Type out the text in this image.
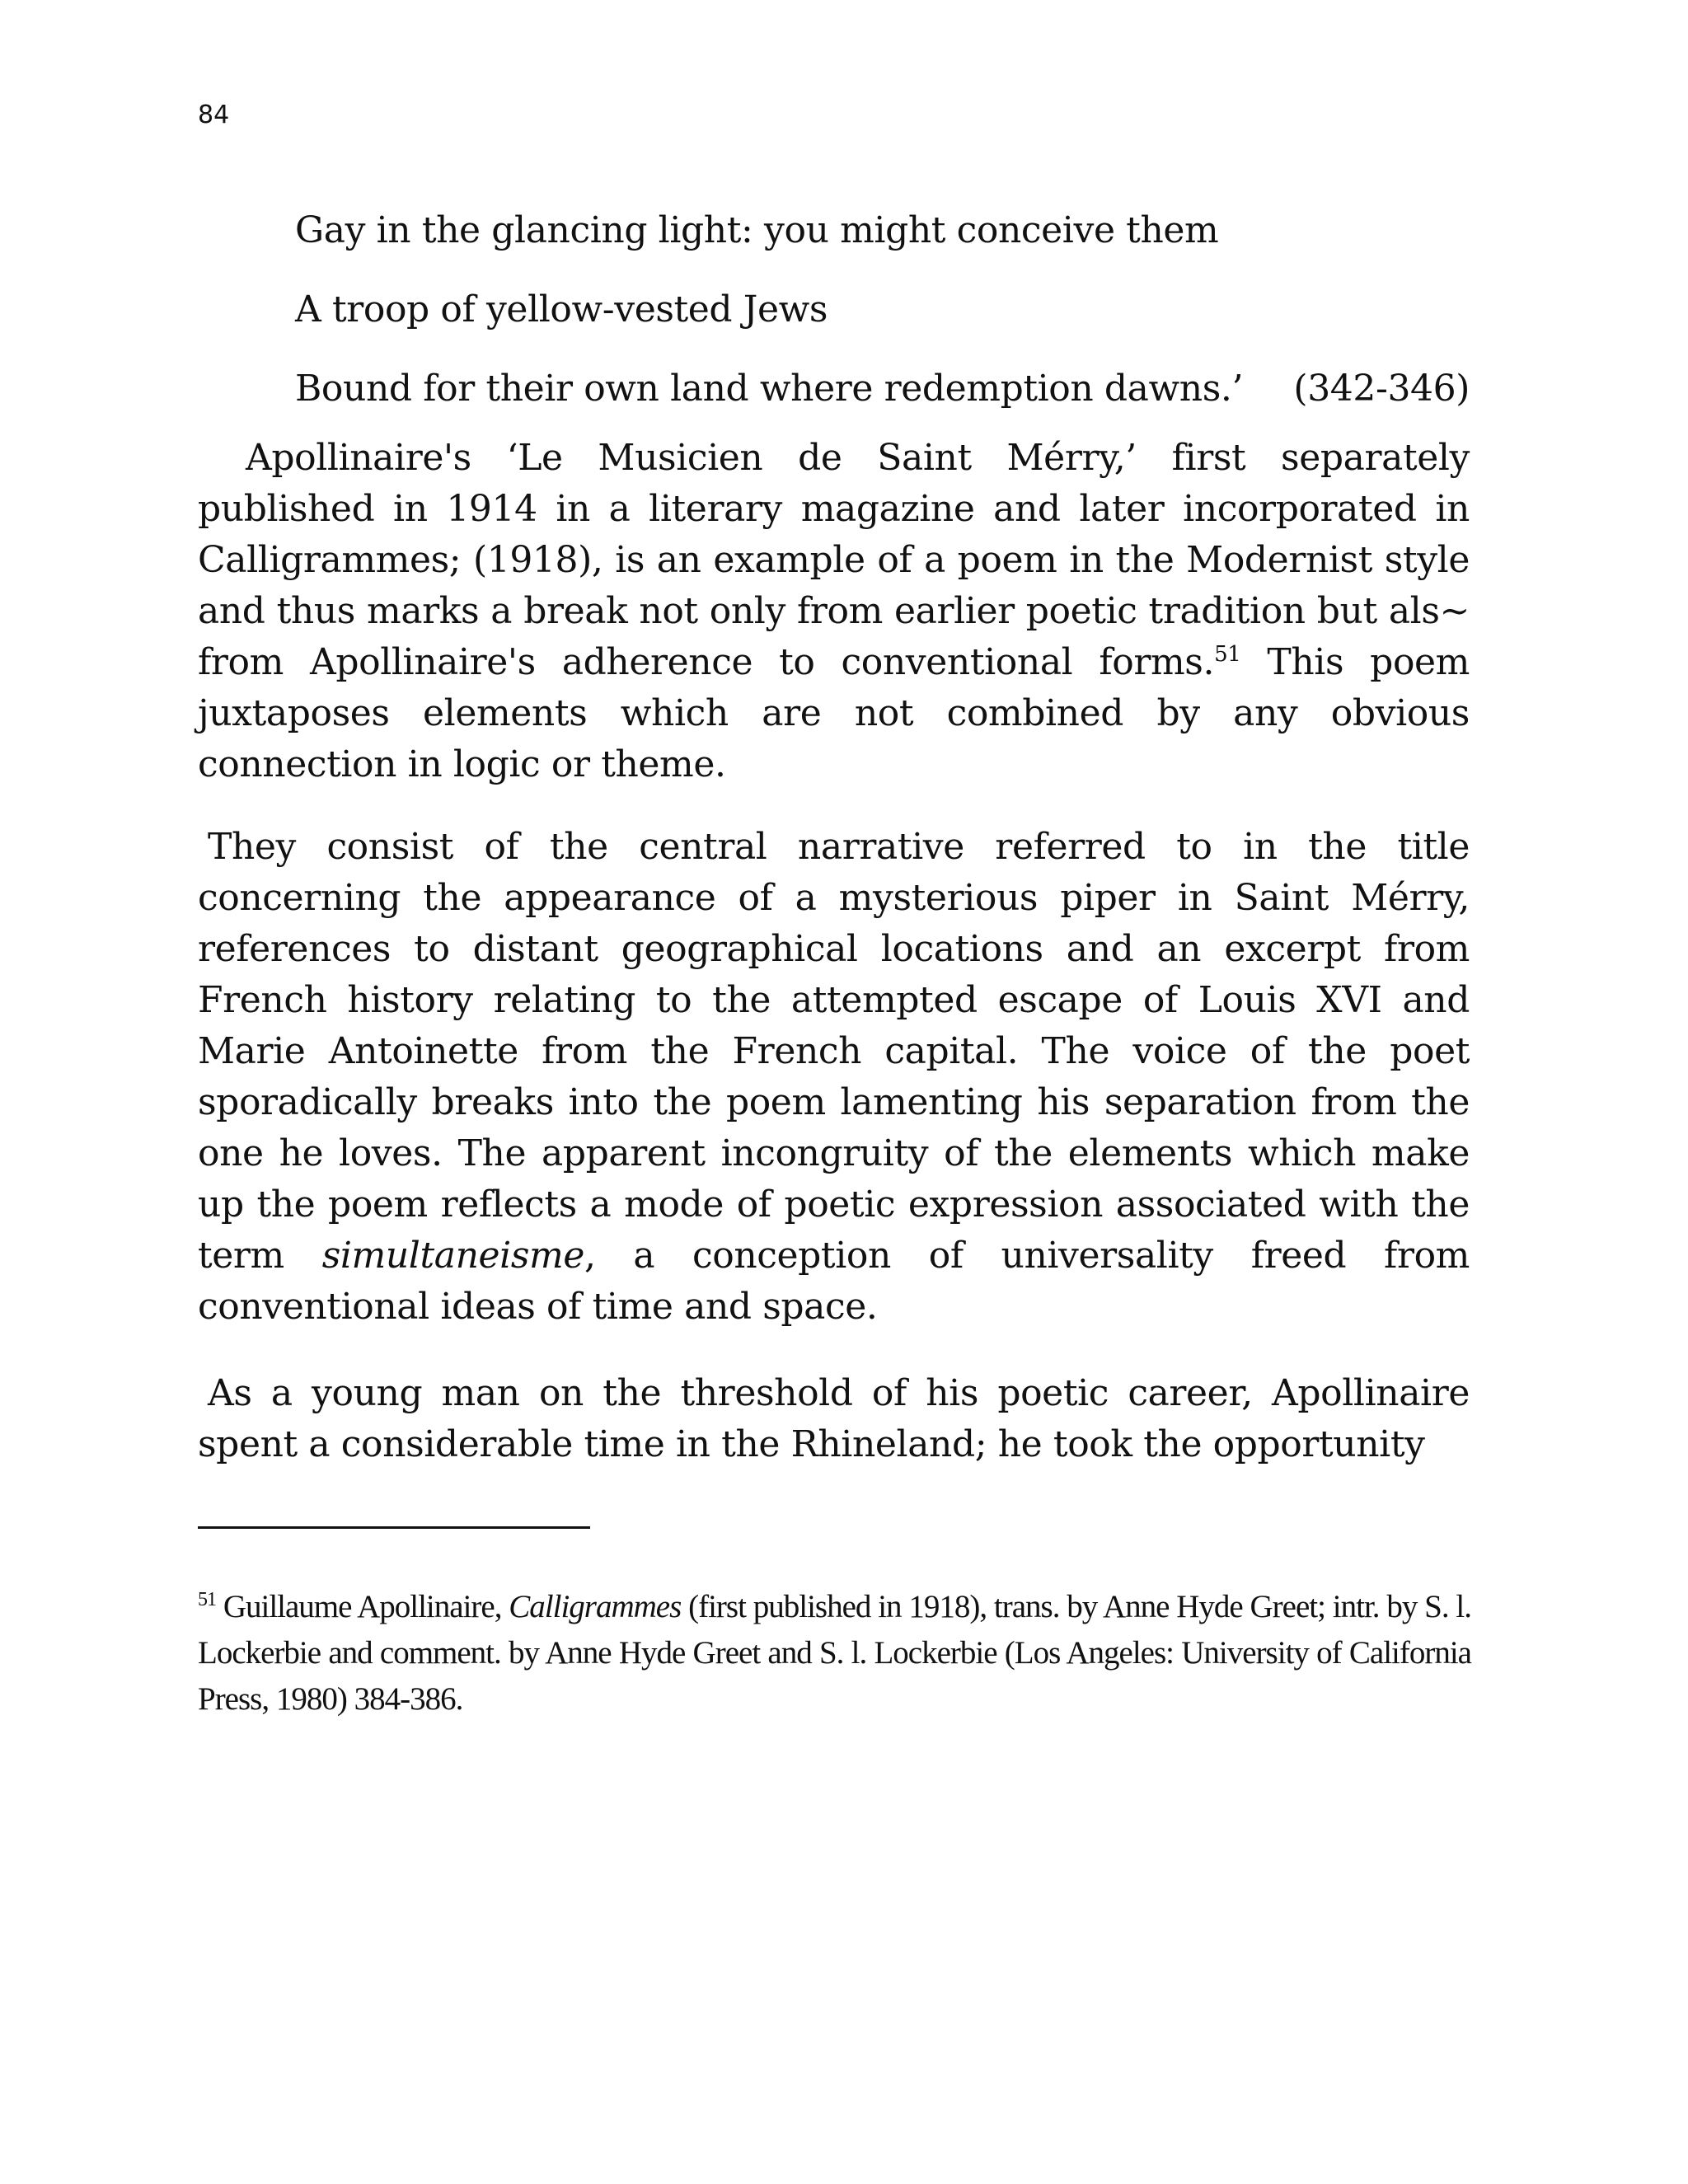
84
Gay in the glancing light: you might conceive them
A troop of yellow-vested Jews
Bound for their own land where redemption dawns.’ (342-346)

Apollinaire's ‘Le Musicien de Saint Mérry,’ first separately published in 1914 in a literary magazine and later incorporated in Calligrammes; (1918), is an example of a poem in the Modernist style and thus marks a break not only from earlier poetic tradition but als~ from Apollinaire's adherence to conventional forms.$^{51}$ This poem juxtaposes elements which are not combined by any obvious connection in logic or theme.

They consist of the central narrative referred to in the title concerning the appearance of a mysterious piper in Saint Mérry, references to distant geographical locations and an excerpt from French history relating to the attempted escape of Louis XVI and Marie Antoinette from the French capital. The voice of the poet sporadically breaks into the poem lamenting his separation from the one he loves. The apparent incongruity of the elements which make up the poem reflects a mode of poetic expression associated with the term simultaneisme, a conception of universality freed from conventional ideas of time and space.

As a young man on the threshold of his poetic career, Apollinaire spent a considerable time in the Rhineland; he took the opportunity

$^{51}$ Guillaume Apollinaire, Calligrammes (first published in 1918), trans. by Anne Hyde Greet; intr. by S. l. Lockerbie and comment. by Anne Hyde Greet and S. l. Lockerbie (Los Angeles: University of California Press, 1980) 384-386.
